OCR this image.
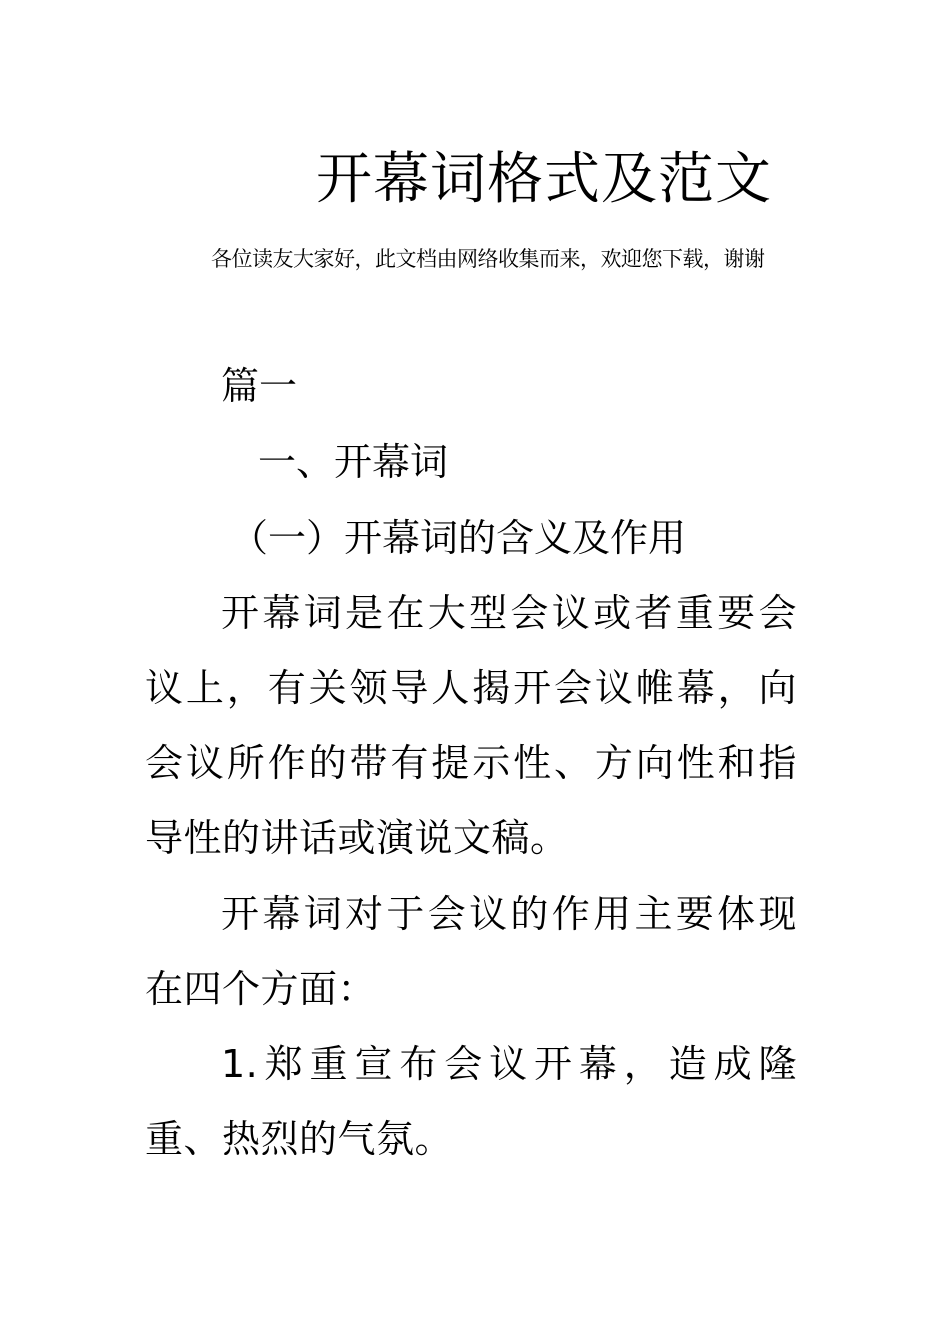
开幕词格式及范文
各位读友大家好，此文档由网络收集而来，欢迎您下载，谢谢
篇一
一、开幕词
（一）开幕词的含义及作用
开幕词是在大型会议或者重要会议上，有关领导人揭开会议帷幕，向会议所作的带有提示性、方向性和指导性的讲话或演说文稿。
开幕词对于会议的作用主要体现在四个方面：
1.郑重宣布会议开幕，造成隆重、热烈的气氛。
